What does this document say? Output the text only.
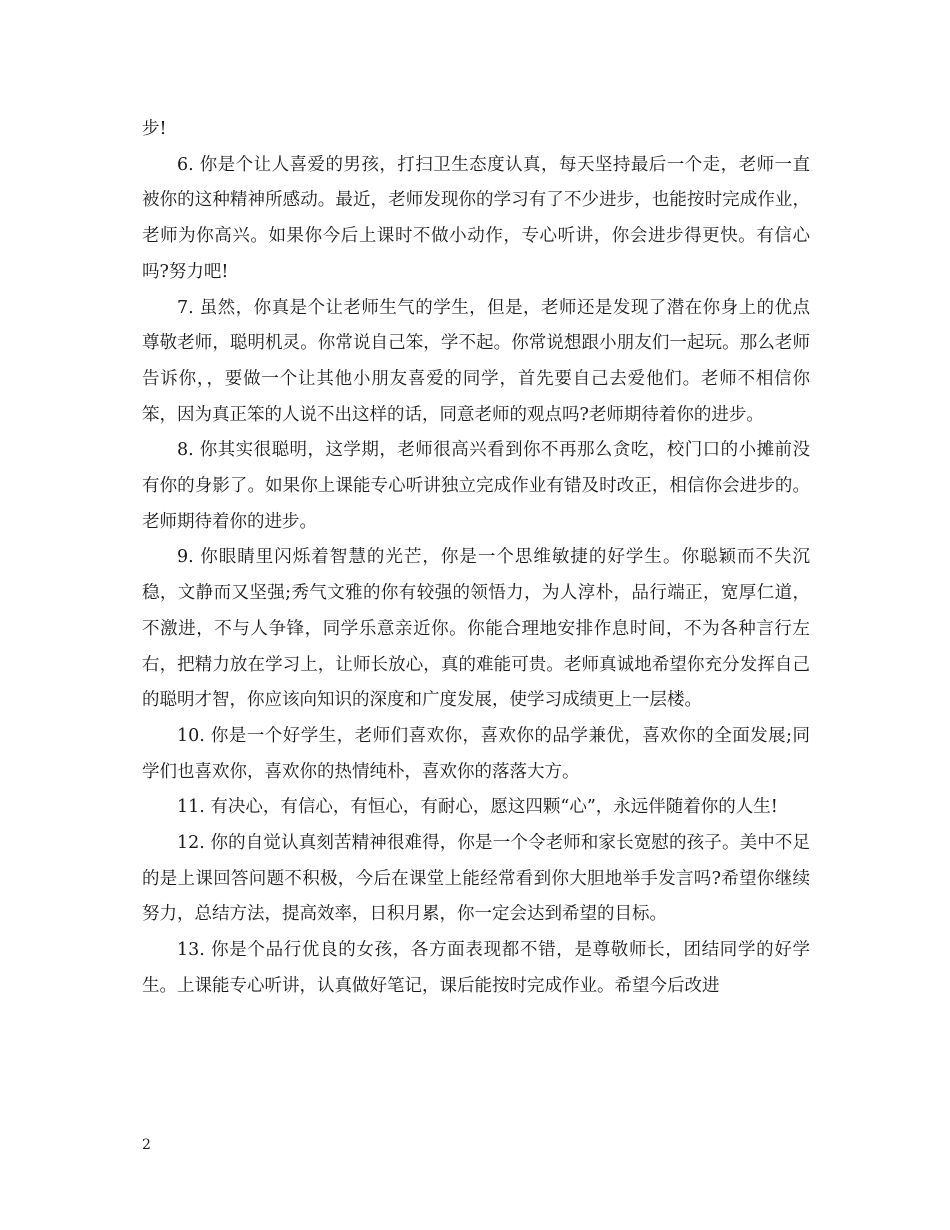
步!

6. 你是个让人喜爱的男孩，打扫卫生态度认真，每天坚持最后一个走，老师一直被你的这种精神所感动。最近，老师发现你的学习有了不少进步，也能按时完成作业，老师为你高兴。如果你今后上课时不做小动作，专心听讲，你会进步得更快。有信心吗?努力吧!

7. 虽然，你真是个让老师生气的学生，但是，老师还是发现了潜在你身上的优点尊敬老师，聪明机灵。你常说自己笨，学不起。你常说想跟小朋友们一起玩。那么老师告诉你，，要做一个让其他小朋友喜爱的同学，首先要自己去爱他们。老师不相信你笨，因为真正笨的人说不出这样的话，同意老师的观点吗?老师期待着你的进步。

8. 你其实很聪明，这学期，老师很高兴看到你不再那么贪吃，校门口的小摊前没有你的身影了。如果你上课能专心听讲独立完成作业有错及时改正，相信你会进步的。老师期待着你的进步。

9. 你眼睛里闪烁着智慧的光芒，你是一个思维敏捷的好学生。你聪颖而不失沉稳，文静而又坚强;秀气文雅的你有较强的领悟力，为人淳朴，品行端正，宽厚仁道，不激进，不与人争锋，同学乐意亲近你。你能合理地安排作息时间，不为各种言行左右，把精力放在学习上，让师长放心，真的难能可贵。老师真诚地希望你充分发挥自己的聪明才智，你应该向知识的深度和广度发展，使学习成绩更上一层楼。

10. 你是一个好学生，老师们喜欢你，喜欢你的品学兼优，喜欢你的全面发展;同学们也喜欢你，喜欢你的热情纯朴，喜欢你的落落大方。

11. 有决心，有信心，有恒心，有耐心，愿这四颗“心”，永远伴随着你的人生!

12. 你的自觉认真刻苦精神很难得，你是一个令老师和家长宽慰的孩子。美中不足的是上课回答问题不积极，今后在课堂上能经常看到你大胆地举手发言吗?希望你继续努力，总结方法，提高效率，日积月累，你一定会达到希望的目标。

13. 你是个品行优良的女孩，各方面表现都不错，是尊敬师长，团结同学的好学生。上课能专心听讲，认真做好笔记，课后能按时完成作业。希望今后改进

2
